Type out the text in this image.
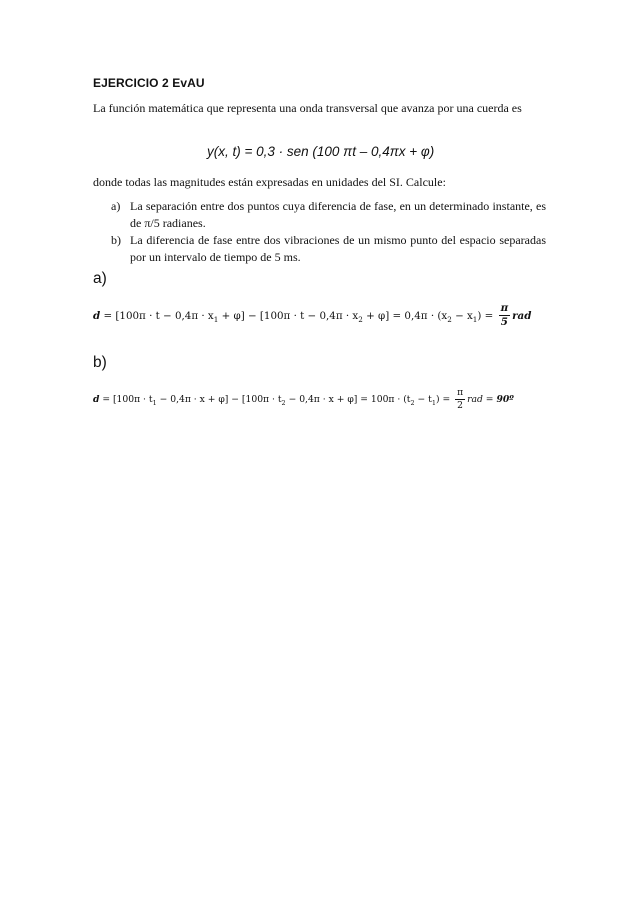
EJERCICIO 2 EvAU
La función matemática que representa una onda transversal que avanza por una cuerda es
y(x, t) = 0,3 · sen (100 πt – 0,4πx + φ)
donde todas las magnitudes están expresadas en unidades del SI. Calcule:
a) La separación entre dos puntos cuya diferencia de fase, en un determinado instante, es de π/5 radianes.
b) La diferencia de fase entre dos vibraciones de un mismo punto del espacio separadas por un intervalo de tiempo de 5 ms.
a)
$d = [100\pi \cdot t - 0,4\pi \cdot x_1 + \varphi] - [100\pi \cdot t - 0,4\pi \cdot x_2 + \varphi] = 0,4\pi \cdot (x_2 - x_1) = \frac{\pi}{5}$ rad
b)
$d = [100\pi \cdot t_1 - 0,4\pi \cdot x + \varphi] - [100\pi \cdot t_2 - 0,4\pi \cdot x + \varphi] = 100\pi \cdot (t_2 - t_1) = \frac{\pi}{2}$ rad = 90º
